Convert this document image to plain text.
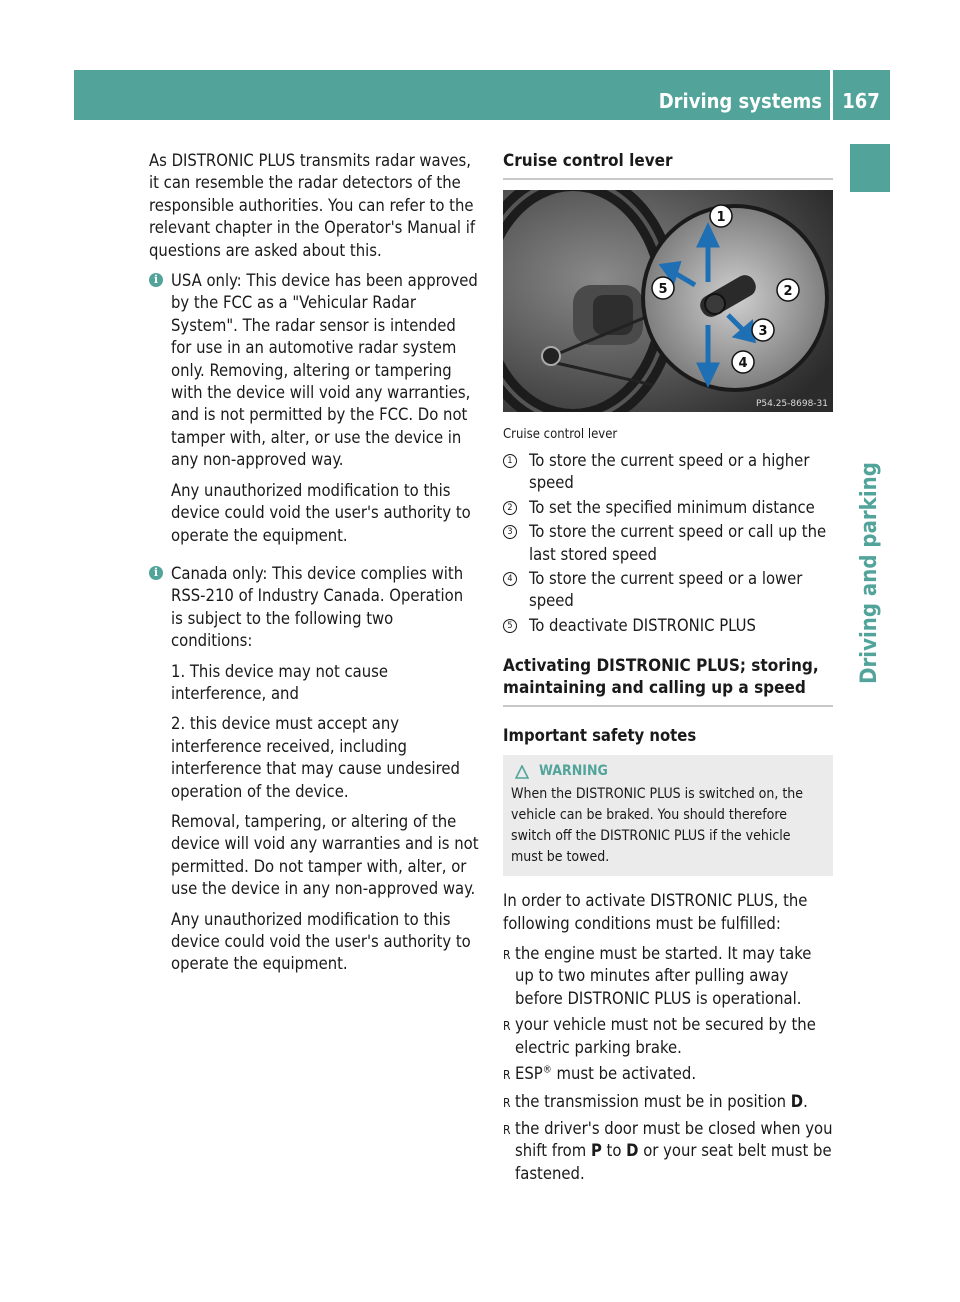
Driving systems 167
Driving and parking

As DISTRONIC PLUS transmits radar waves, it can resemble the radar detectors of the responsible authorities. You can refer to the relevant chapter in the Operator's Manual if questions are asked about this.

i USA only: This device has been approved by the FCC as a "Vehicular Radar System". The radar sensor is intended for use in an automotive radar system only. Removing, altering or tampering with the device will void any warranties, and is not permitted by the FCC. Do not tamper with, alter, or use the device in any non-approved way.

Any unauthorized modification to this device could void the user's authority to operate the equipment.

i Canada only: This device complies with RSS-210 of Industry Canada. Operation is subject to the following two conditions:

1. This device may not cause interference, and

2. this device must accept any interference received, including interference that may cause undesired operation of the device.

Removal, tampering, or altering of the device will void any warranties and is not permitted. Do not tamper with, alter, or use the device in any non-approved way.

Any unauthorized modification to this device could void the user's authority to operate the equipment.

Cruise control lever
1
2
3
4
5
P54.25-8698-31
Cruise control lever
1 To store the current speed or a higher speed
2 To set the specified minimum distance
3 To store the current speed or call up the last stored speed
4 To store the current speed or a lower speed
5 To deactivate DISTRONIC PLUS
Activating DISTRONIC PLUS; storing, maintaining and calling up a speed
Important safety notes
WARNING
When the DISTRONIC PLUS is switched on, the vehicle can be braked. You should therefore switch off the DISTRONIC PLUS if the vehicle must be towed.

In order to activate DISTRONIC PLUS, the following conditions must be fulfilled:

R the engine must be started. It may take up to two minutes after pulling away before DISTRONIC PLUS is operational.
R your vehicle must not be secured by the electric parking brake.
R ESP® must be activated.
R the transmission must be in position D.
R the driver's door must be closed when you shift from P to D or your seat belt must be fastened.
